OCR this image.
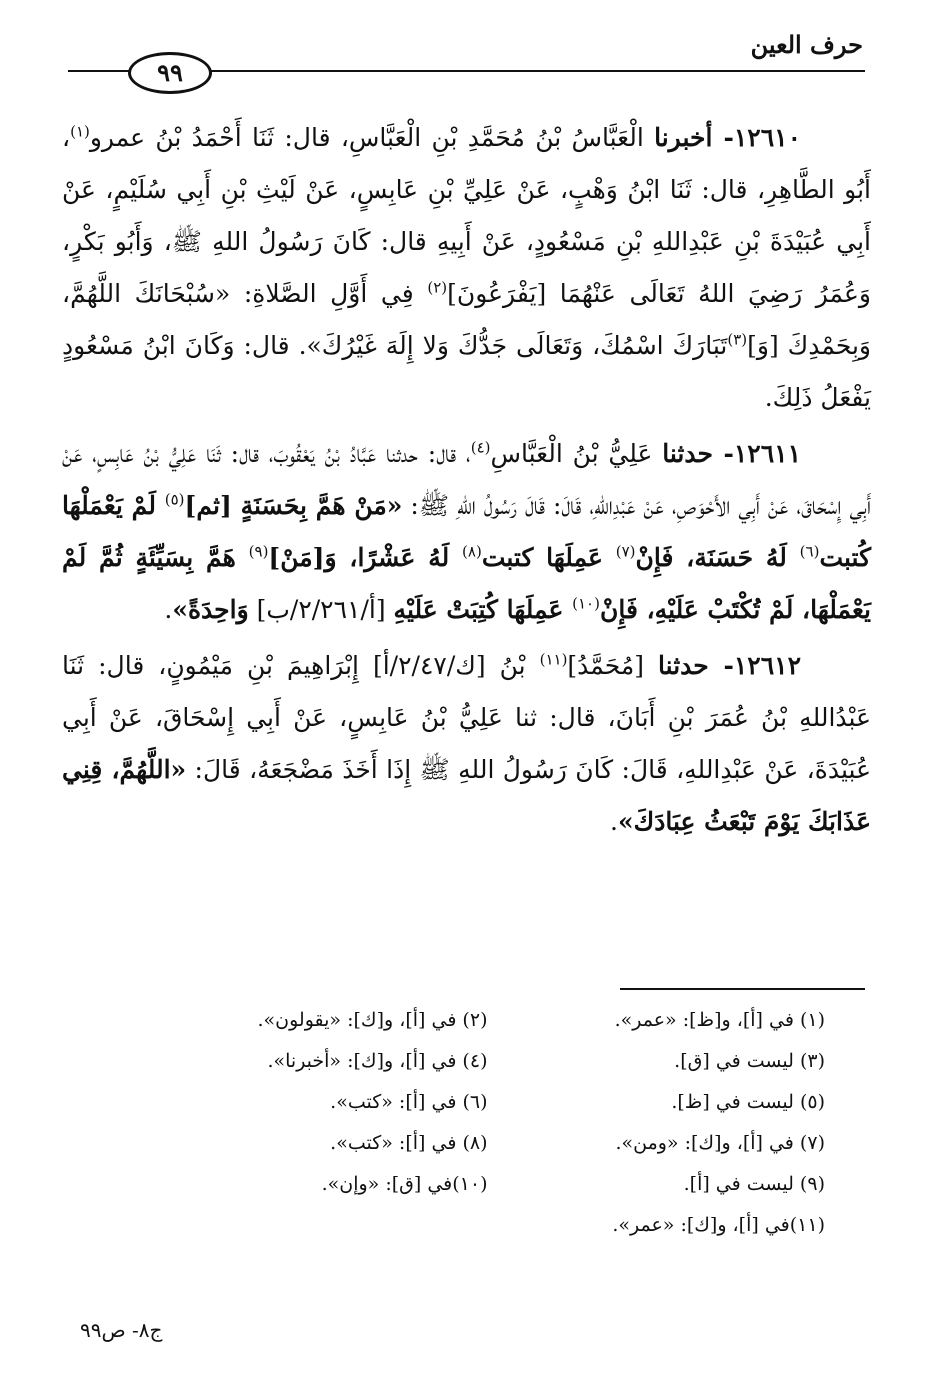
حرف العين
٩٩

١٢٦١٠- أخبرنا الْعَبَّاسُ بْنُ مُحَمَّدِ بْنِ الْعَبَّاسِ، قال: ثَنَا أَحْمَدُ بْنُ عمرو$^{(١)}$، أَبُو الطَّاهِرِ، قال: ثَنَا ابْنُ وَهْبٍ، عَنْ عَلِيِّ بْنِ عَابِسٍ، عَنْ لَيْثِ بْنِ أَبِي سُلَيْمٍ، عَنْ أَبِي عُبَيْدَةَ بْنِ عَبْدِاللهِ بْنِ مَسْعُودٍ، عَنْ أَبِيهِ قال: كَانَ رَسُولُ اللهِ ﷺ، وَأَبُو بَكْرٍ، وَعُمَرُ رَضِيَ اللهُ تَعَالَى عَنْهُمَا [يَفْرَعُونَ]$^{(٢)}$ فِي أَوَّلِ الصَّلاةِ: «سُبْحَانَكَ اللَّهُمَّ، وَبِحَمْدِكَ [وَ]$^{(٣)}$تَبَارَكَ اسْمُكَ، وَتَعَالَى جَدُّكَ وَلا إِلَهَ غَيْرُكَ». قال: وَكَانَ ابْنُ مَسْعُودٍ يَفْعَلُ ذَلِكَ.

١٢٦١١- حدثنا عَلِيُّ بْنُ الْعَبَّاسِ$^{(٤)}$، قال: حدثنا عَبَّادُ بْنُ يَعْقُوبَ، قال: ثَنَا عَلِيُّ بْنُ عَابِسٍ، عَنْ أَبِي إِسْحَاقَ، عَنْ أَبِي الأَحْوَصِ، عَنْ عَبْدِاللهِ، قَالَ: قَالَ رَسُولُ اللهِ ﷺ: «مَنْ هَمَّ بِحَسَنَةٍ [ثم]$^{(٥)}$ لَمْ يَعْمَلْهَا كُتبت$^{(٦)}$ لَهُ حَسَنَة، فَإِنْ$^{(٧)}$ عَمِلَهَا كتبت$^{(٨)}$ لَهُ عَشْرًا، وَ[مَنْ]$^{(٩)}$ هَمَّ بِسَيِّئَةٍ ثُمَّ لَمْ يَعْمَلْهَا، لَمْ تُكْتَبْ عَلَيْهِ، فَإِنْ$^{(١٠)}$ عَمِلَهَا كُتِبَتْ عَلَيْهِ [أ/٢/٢٦١/ب] وَاحِدَةً».

١٢٦١٢- حدثنا [مُحَمَّدُ]$^{(١١)}$ بْنُ [ك/٢/٤٧/أ] إِبْرَاهِيمَ بْنِ مَيْمُونٍ، قال: ثَنَا عَبْدُاللهِ بْنُ عُمَرَ بْنِ أَبَانَ، قال: ثنا عَلِيُّ بْنُ عَابِسٍ، عَنْ أَبِي إِسْحَاقَ، عَنْ أَبِي عُبَيْدَةَ، عَنْ عَبْدِاللهِ، قَالَ: كَانَ رَسُولُ اللهِ ﷺ إِذَا أَخَذَ مَضْجَعَهُ، قَالَ: «اللَّهُمَّ، قِنِي عَذَابَكَ يَوْمَ تَبْعَثُ عِبَادَكَ».

(١) في [أ]، و[ظ]: «عمر».
(٢) في [أ]، و[ك]: «يقولون».
(٣) ليست في [ق].
(٤) في [أ]، و[ك]: «أخبرنا».
(٥) ليست في [ظ].
(٦) في [أ]: «كتب».
(٧) في [أ]، و[ك]: «ومن».
(٨) في [أ]: «كتب».
(٩) ليست في [أ].
(١٠)في [ق]: «وإن».
(١١)في [أ]، و[ك]: «عمر».
ج٨- ص٩٩
